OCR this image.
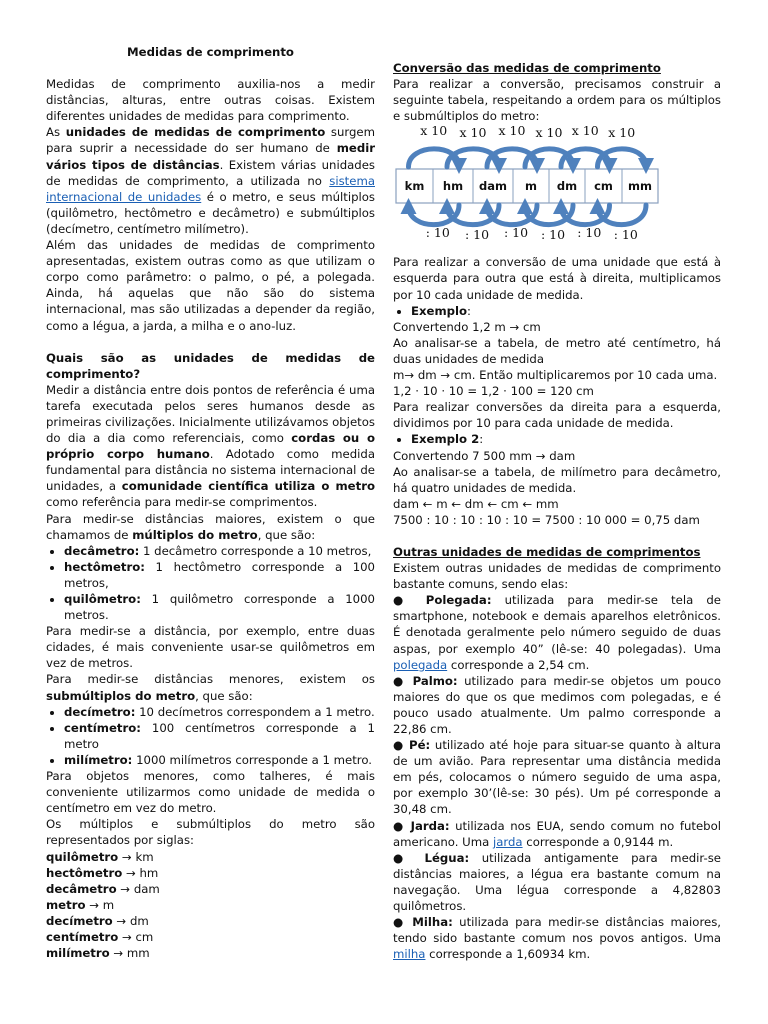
Medidas de comprimento

Medidas de comprimento auxilia-nos a medir distâncias, alturas, entre outras coisas. Existem diferentes unidades de medidas para comprimento.

As unidades de medidas de comprimento surgem para suprir a necessidade do ser humano de medir vários tipos de distâncias. Existem várias unidades de medidas de comprimento, a utilizada no sistema internacional de unidades é o metro, e seus múltiplos (quilômetro, hectômetro e decâmetro) e submúltiplos (decímetro, centímetro milímetro).

Além das unidades de medidas de comprimento apresentadas, existem outras como as que utilizam o corpo como parâmetro: o palmo, o pé, a polegada. Ainda, há aquelas que não são do sistema internacional, mas são utilizadas a depender da região, como a légua, a jarda, a milha e o ano-luz.

Quais são as unidades de medidas de comprimento?

Medir a distância entre dois pontos de referência é uma tarefa executada pelos seres humanos desde as primeiras civilizações. Inicialmente utilizávamos objetos do dia a dia como referenciais, como cordas ou o próprio corpo humano. Adotado como medida fundamental para distância no sistema internacional de unidades, a comunidade científica utiliza o metro como referência para medir-se comprimentos.

Para medir-se distâncias maiores, existem o que chamamos de múltiplos do metro, que são:

• decâmetro: 1 decâmetro corresponde a 10 metros,
• hectômetro: 1 hectômetro corresponde a 100 metros,
• quilômetro: 1 quilômetro corresponde a 1000 metros.

Para medir-se a distância, por exemplo, entre duas cidades, é mais conveniente usar-se quilômetros em vez de metros.

Para medir-se distâncias menores, existem os submúltiplos do metro, que são:

• decímetro: 10 decímetros correspondem a 1 metro.
• centímetro: 100 centímetros corresponde a 1 metro
• milímetro: 1000 milímetros corresponde a 1 metro.

Para objetos menores, como talheres, é mais conveniente utilizarmos como unidade de medida o centímetro em vez do metro.

Os múltiplos e submúltiplos do metro são representados por siglas:

quilômetro → km

hectômetro → hm

decâmetro → dam

metro → m

decímetro → dm

centímetro → cm

milímetro → mm

Conversão das medidas de comprimento

Para realizar a conversão, precisamos construir a seguinte tabela, respeitando a ordem para os múltiplos e submúltiplos do metro:

km hm dam m dm cm mm
x 10
: 10
x 10
: 10
x 10
: 10
x 10
: 10
x 10
: 10
x 10
: 10

Para realizar a conversão de uma unidade que está à esquerda para outra que está à direita, multiplicamos por 10 cada unidade de medida.

• Exemplo:

Convertendo 1,2 m → cm

Ao analisar-se a tabela, de metro até centímetro, há duas unidades de medida

m→ dm → cm. Então multiplicaremos por 10 cada uma.

1,2 · 10 · 10 = 1,2 · 100 = 120 cm

Para realizar conversões da direita para a esquerda, dividimos por 10 para cada unidade de medida.

• Exemplo 2:

Convertendo 7 500 mm → dam

Ao analisar-se a tabela, de milímetro para decâmetro, há quatro unidades de medida.

dam ← m ← dm ← cm ← mm

7500 : 10 : 10 : 10 : 10 = 7500 : 10 000 = 0,75 dam

Outras unidades de medidas de comprimentos

Existem outras unidades de medidas de comprimento bastante comuns, sendo elas:

● Polegada: utilizada para medir-se tela de smartphone, notebook e demais aparelhos eletrônicos. É denotada geralmente pelo número seguido de duas aspas, por exemplo 40” (lê-se: 40 polegadas). Uma polegada corresponde a 2,54 cm.

● Palmo: utilizado para medir-se objetos um pouco maiores do que os que medimos com polegadas, e é pouco usado atualmente. Um palmo corresponde a 22,86 cm.

● Pé: utilizado até hoje para situar-se quanto à altura de um avião. Para representar uma distância medida em pés, colocamos o número seguido de uma aspa, por exemplo 30’(lê-se: 30 pés). Um pé corresponde a 30,48 cm.

● Jarda: utilizada nos EUA, sendo comum no futebol americano. Uma jarda corresponde a 0,9144 m.

● Légua: utilizada antigamente para medir-se distâncias maiores, a légua era bastante comum na navegação. Uma légua corresponde a 4,82803 quilômetros.

● Milha: utilizada para medir-se distâncias maiores, tendo sido bastante comum nos povos antigos. Uma milha corresponde a 1,60934 km.
